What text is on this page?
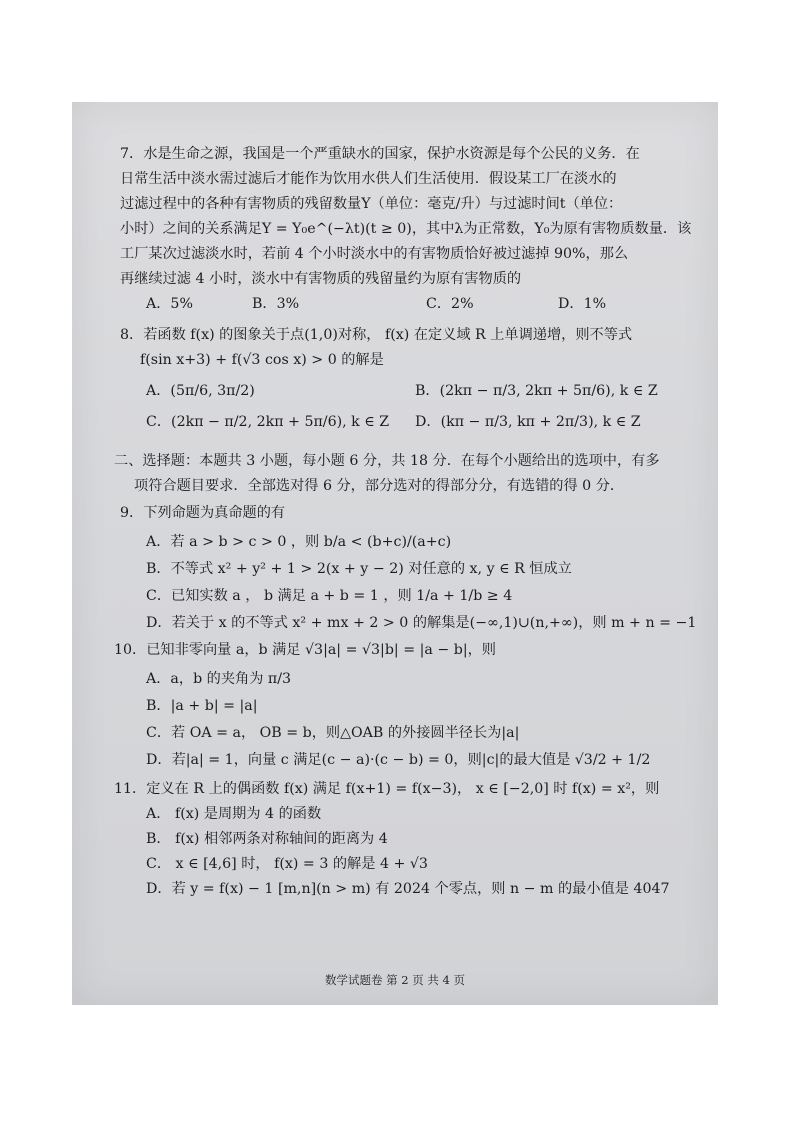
7．水是生命之源，我国是一个严重缺水的国家，保护水资源是每个公民的义务．在
日常生活中淡水需过滤后才能作为饮用水供人们生活使用．假设某工厂在淡水的
过滤过程中的各种有害物质的残留数量Y（单位：毫克/升）与过滤时间t（单位：
小时）之间的关系满足Y = Y₀e^(−λt)(t ≥ 0)，其中λ为正常数，Y₀为原有害物质数量．该
工厂某次过滤淡水时，若前 4 个小时淡水中的有害物质恰好被过滤掉 90%，那么
再继续过滤 4 小时，淡水中有害物质的残留量约为原有害物质的
A．5%	B．3%	C．2%	D．1%
8．若函数 f(x) 的图象关于点(1,0)对称， f(x) 在定义域 R 上单调递增，则不等式
f(sin x+3) + f(√3 cos x) > 0 的解是
A．(5π/6, 3π/2)	B．(2kπ − π/3, 2kπ + 5π/6), k ∈ Z
C．(2kπ − π/2, 2kπ + 5π/6), k ∈ Z	D．(kπ − π/3, kπ + 2π/3), k ∈ Z
二、选择题：本题共 3 小题，每小题 6 分，共 18 分．在每个小题给出的选项中，有多
项符合题目要求．全部选对得 6 分，部分选对的得部分分，有选错的得 0 分．
9．下列命题为真命题的有
A．若 a > b > c > 0 ，则 b/a < (b+c)/(a+c)
B．不等式 x² + y² + 1 > 2(x + y − 2) 对任意的 x, y ∈ R 恒成立
C．已知实数 a ， b 满足 a + b = 1 ，则 1/a + 1/b ≥ 4
D．若关于 x 的不等式 x² + mx + 2 > 0 的解集是(−∞,1)∪(n,+∞)，则 m + n = −1
10．已知非零向量 a，b 满足 √3|a| = √3|b| = |a − b|，则
A．a，b 的夹角为 π/3
B．|a + b| = |a|
C．若 OA = a， OB = b，则△OAB 的外接圆半径长为|a|
D．若|a| = 1，向量 c 满足(c − a)·(c − b) = 0，则|c|的最大值是 √3/2 + 1/2
11．定义在 R 上的偶函数 f(x) 满足 f(x+1) = f(x−3)， x ∈ [−2,0] 时 f(x) = x²，则
A． f(x) 是周期为 4 的函数
B． f(x) 相邻两条对称轴间的距离为 4
C． x ∈ [4,6] 时， f(x) = 3 的解是 4 + √3
D．若 y = f(x) − 1 [m,n](n > m) 有 2024 个零点，则 n − m 的最小值是 4047
数学试题卷 第 2 页 共 4 页
